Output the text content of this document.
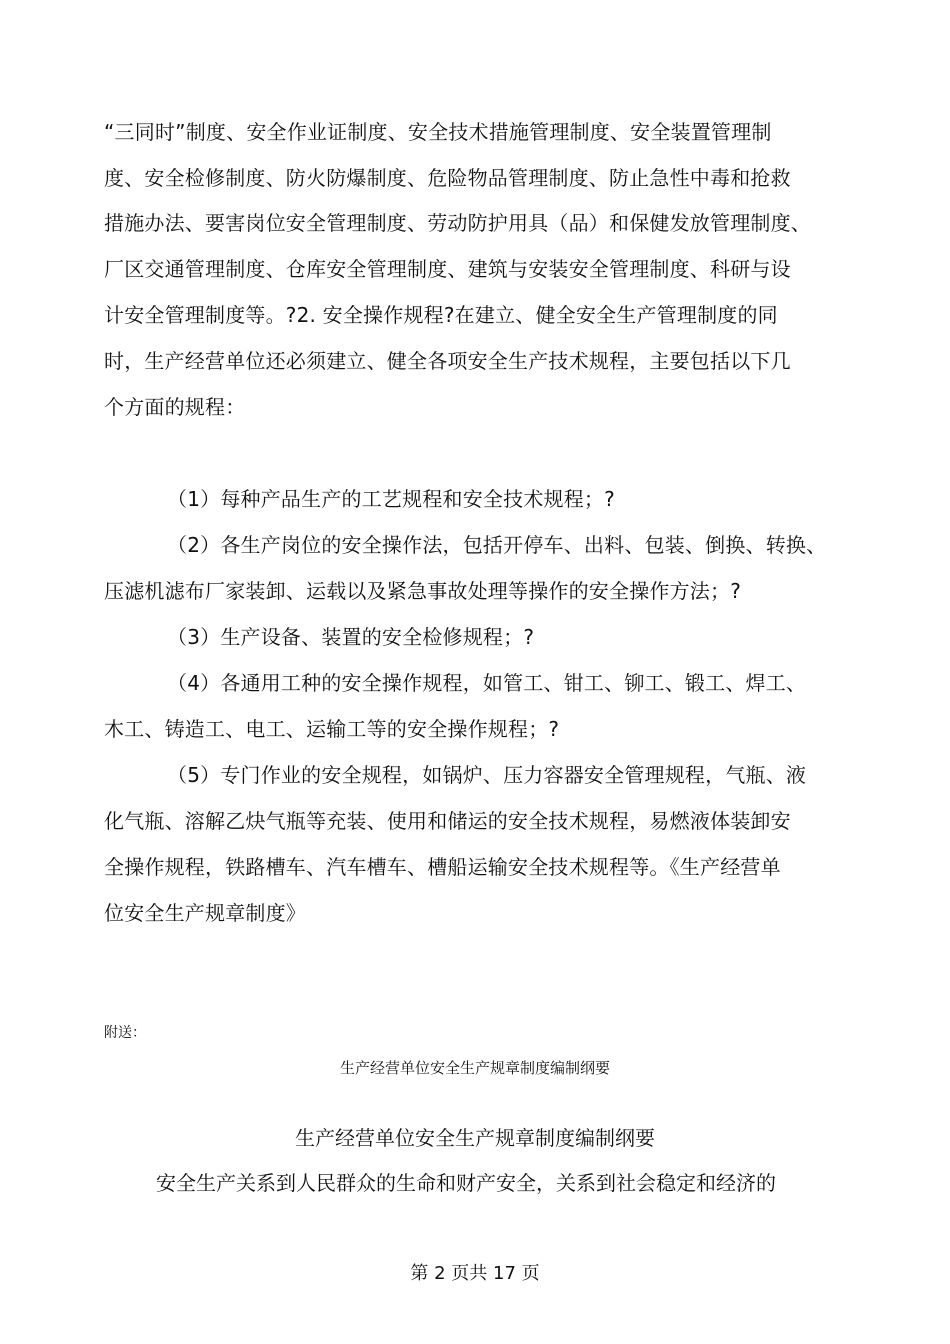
“三同时”制度、安全作业证制度、安全技术措施管理制度、安全装置管理制
度、安全检修制度、防火防爆制度、危险物品管理制度、防止急性中毒和抢救
措施办法、要害岗位安全管理制度、劳动防护用具（品）和保健发放管理制度、
厂区交通管理制度、仓库安全管理制度、建筑与安装安全管理制度、科研与设
计安全管理制度等。?2. 安全操作规程?在建立、健全安全生产管理制度的同
时，生产经营单位还必须建立、健全各项安全生产技术规程，主要包括以下几
个方面的规程：
（1）每种产品生产的工艺规程和安全技术规程；?
（2）各生产岗位的安全操作法，包括开停车、出料、包装、倒换、转换、
压滤机滤布厂家装卸、运载以及紧急事故处理等操作的安全操作方法；?
（3）生产设备、装置的安全检修规程；?
（4）各通用工种的安全操作规程，如管工、钳工、铆工、锻工、焊工、
木工、铸造工、电工、运输工等的安全操作规程；?
（5）专门作业的安全规程，如锅炉、压力容器安全管理规程，气瓶、液
化气瓶、溶解乙炔气瓶等充装、使用和储运的安全技术规程，易燃液体装卸安
全操作规程，铁路槽车、汽车槽车、槽船运输安全技术规程等。《生产经营单
位安全生产规章制度》
附送：
生产经营单位安全生产规章制度编制纲要
生产经营单位安全生产规章制度编制纲要
安全生产关系到人民群众的生命和财产安全，关系到社会稳定和经济的
第 2 页共 17 页
